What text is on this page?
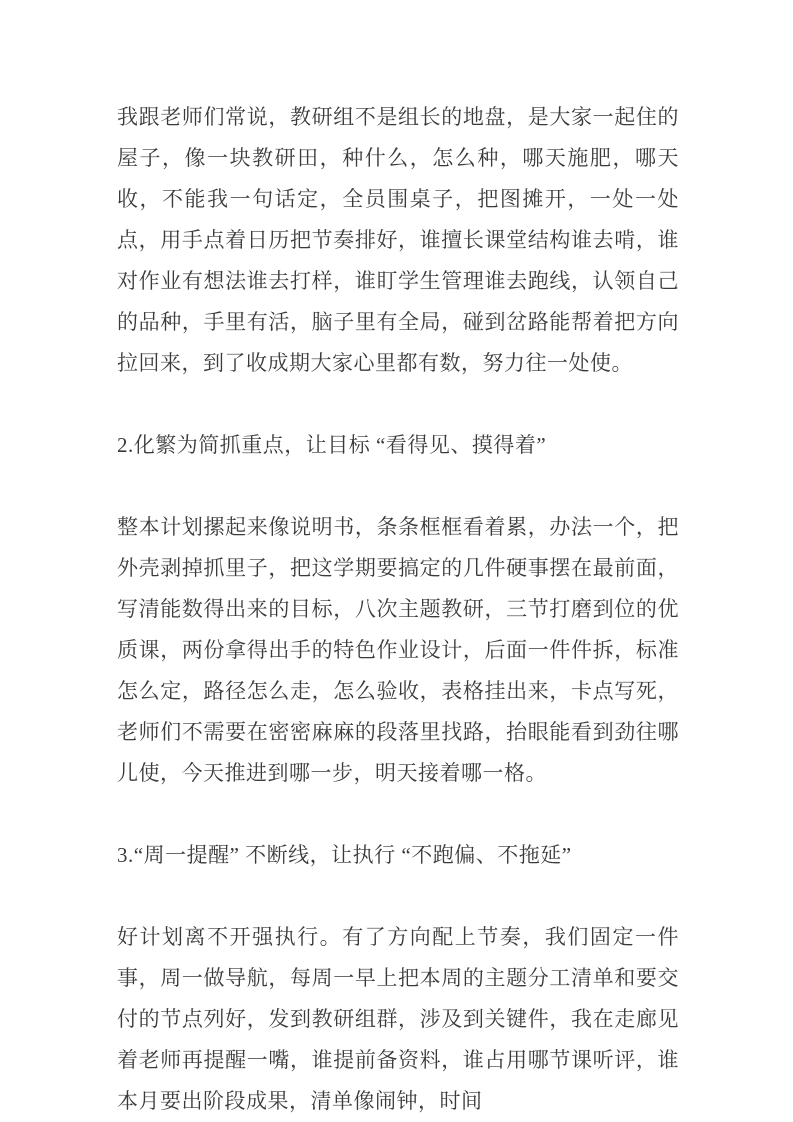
我跟老师们常说，教研组不是组长的地盘，是大家一起住的屋子，像一块教研田，种什么，怎么种，哪天施肥，哪天收，不能我一句话定，全员围桌子，把图摊开，一处一处点，用手点着日历把节奏排好，谁擅长课堂结构谁去啃，谁对作业有想法谁去打样，谁盯学生管理谁去跑线，认领自己的品种，手里有活，脑子里有全局，碰到岔路能帮着把方向拉回来，到了收成期大家心里都有数，努力往一处使。

2.化繁为简抓重点，让目标 “看得见、摸得着”

整本计划摞起来像说明书，条条框框看着累，办法一个，把外壳剥掉抓里子，把这学期要搞定的几件硬事摆在最前面，写清能数得出来的目标，八次主题教研，三节打磨到位的优质课，两份拿得出手的特色作业设计，后面一件件拆，标准怎么定，路径怎么走，怎么验收，表格挂出来，卡点写死，老师们不需要在密密麻麻的段落里找路，抬眼能看到劲往哪儿使，今天推进到哪一步，明天接着哪一格。

3.“周一提醒” 不断线，让执行 “不跑偏、不拖延”

好计划离不开强执行。有了方向配上节奏，我们固定一件事，周一做导航，每周一早上把本周的主题分工清单和要交付的节点列好，发到教研组群，涉及到关键件，我在走廊见着老师再提醒一嘴，谁提前备资料，谁占用哪节课听评，谁本月要出阶段成果，清单像闹钟，时间
